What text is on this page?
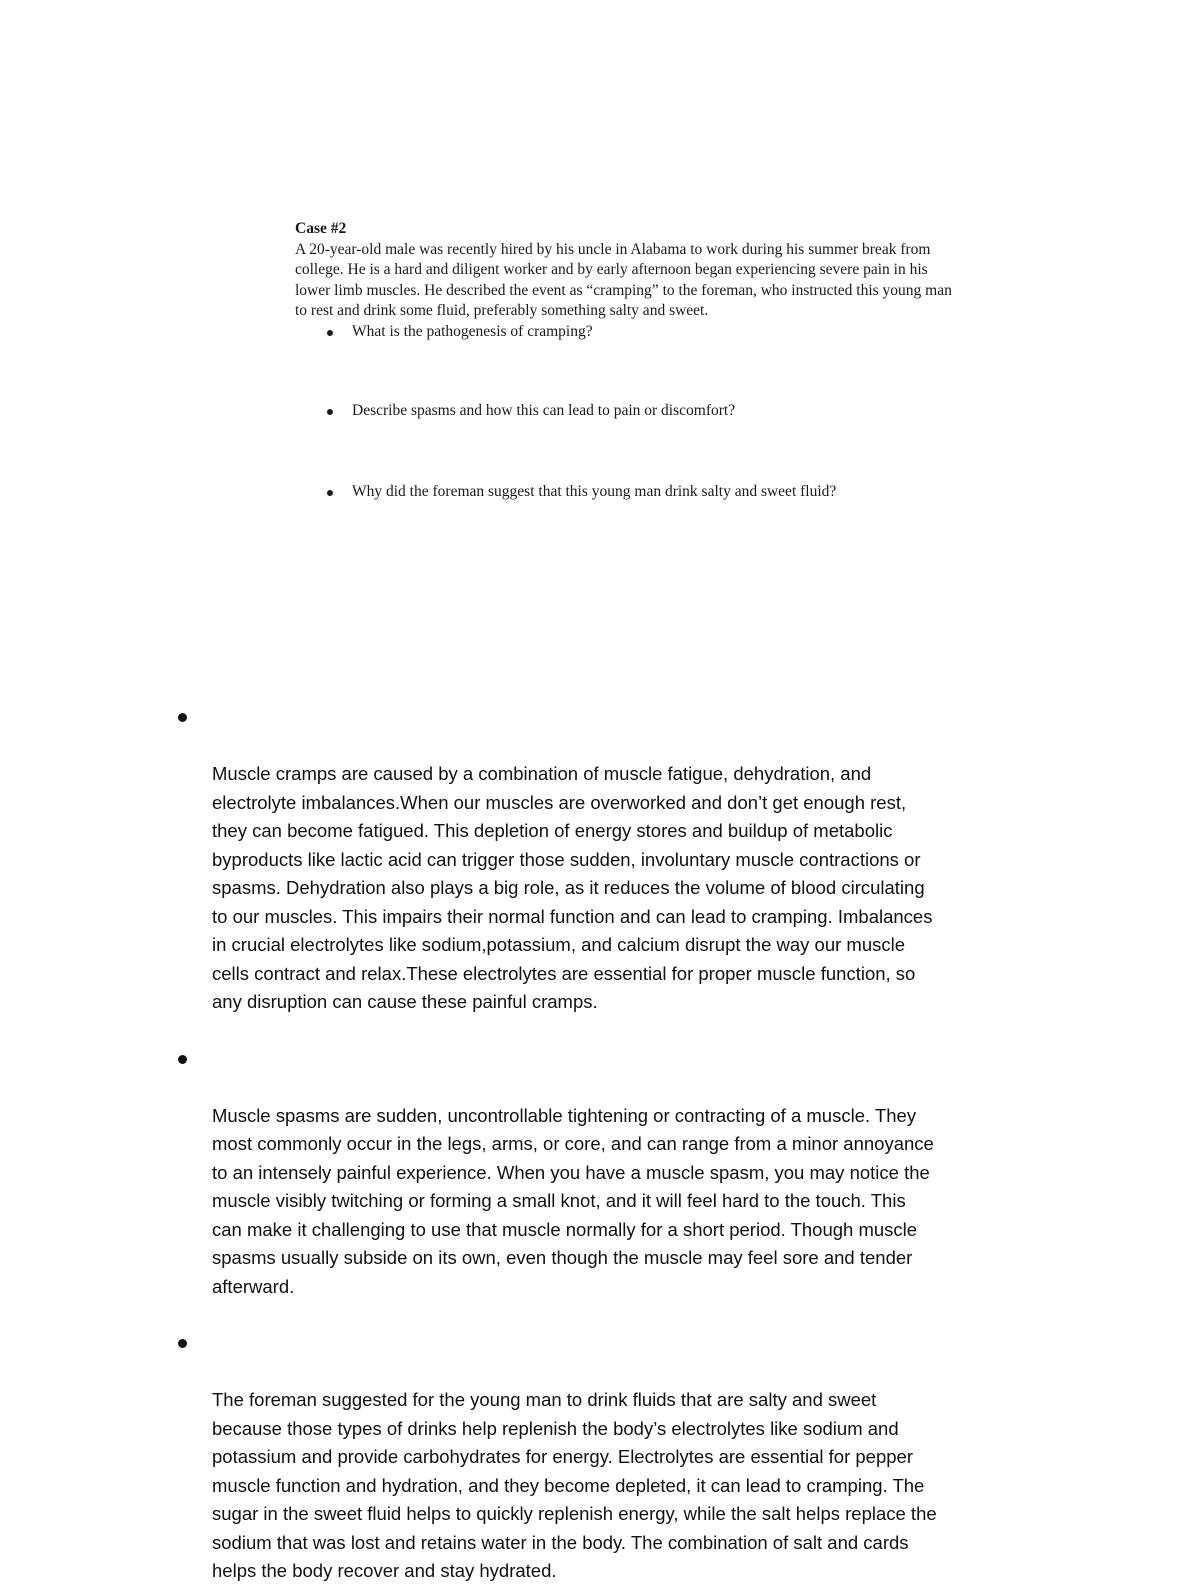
Case #2

A 20-year-old male was recently hired by his uncle in Alabama to work during his summer break from
college. He is a hard and diligent worker and by early afternoon began experiencing severe pain in his
lower limb muscles. He described the event as “cramping” to the foreman, who instructed this young man
to rest and drink some fluid, preferably something salty and sweet.

What is the pathogenesis of cramping?
Describe spasms and how this can lead to pain or discomfort?
Why did the foreman suggest that this young man drink salty and sweet fluid?

Muscle cramps are caused by a combination of muscle fatigue, dehydration, and
electrolyte imbalances.When our muscles are overworked and don’t get enough rest,
they can become fatigued. This depletion of energy stores and buildup of metabolic
byproducts like lactic acid can trigger those sudden, involuntary muscle contractions or
spasms. Dehydration also plays a big role, as it reduces the volume of blood circulating
to our muscles. This impairs their normal function and can lead to cramping. Imbalances
in crucial electrolytes like sodium,potassium, and calcium disrupt the way our muscle
cells contract and relax.These electrolytes are essential for proper muscle function, so
any disruption can cause these painful cramps.

Muscle spasms are sudden, uncontrollable tightening or contracting of a muscle. They
most commonly occur in the legs, arms, or core, and can range from a minor annoyance
to an intensely painful experience. When you have a muscle spasm, you may notice the
muscle visibly twitching or forming a small knot, and it will feel hard to the touch. This
can make it challenging to use that muscle normally for a short period. Though muscle
spasms usually subside on its own, even though the muscle may feel sore and tender
afterward.

The foreman suggested for the young man to drink fluids that are salty and sweet
because those types of drinks help replenish the body’s electrolytes like sodium and
potassium and provide carbohydrates for energy. Electrolytes are essential for pepper
muscle function and hydration, and they become depleted, it can lead to cramping. The
sugar in the sweet fluid helps to quickly replenish energy, while the salt helps replace the
sodium that was lost and retains water in the body. The combination of salt and cards
helps the body recover and stay hydrated.
